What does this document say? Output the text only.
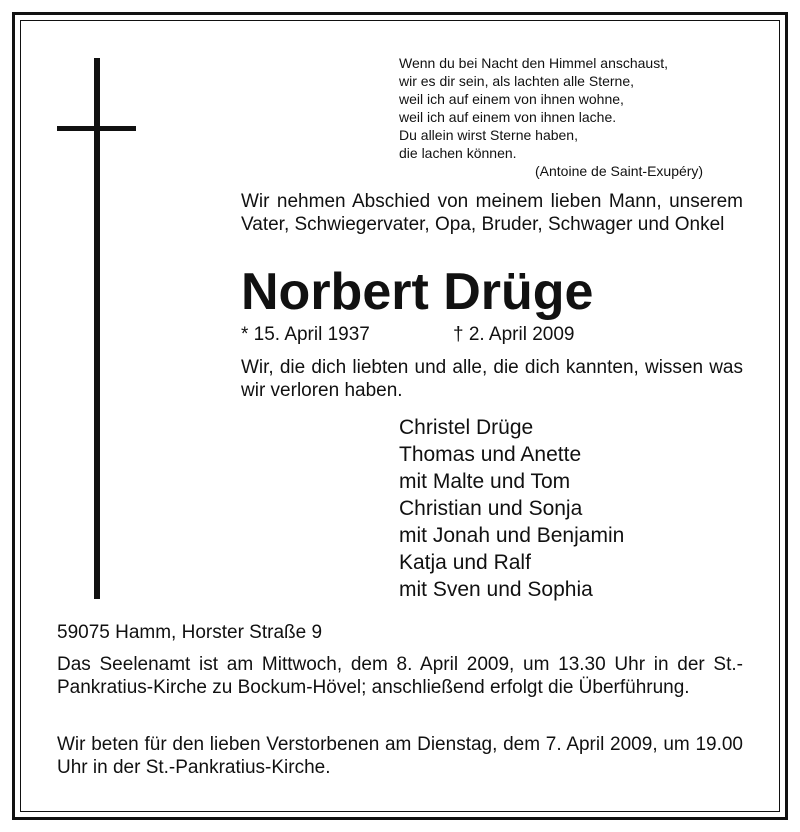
Wenn du bei Nacht den Himmel anschaust,
wir es dir sein, als lachten alle Sterne,
weil ich auf einem von ihnen wohne,
weil ich auf einem von ihnen lache.
Du allein wirst Sterne haben,
die lachen können.
(Antoine de Saint-Exupéry)
Wir nehmen Abschied von meinem lieben Mann, unserem Vater, Schwiegervater, Opa, Bruder, Schwager und Onkel
Norbert Drüge
* 15. April 1937	† 2. April 2009
Wir, die dich liebten und alle, die dich kannten, wissen was wir verloren haben.
Christel Drüge
Thomas und Anette
mit Malte und Tom
Christian und Sonja
mit Jonah und Benjamin
Katja und Ralf
mit Sven und Sophia
59075 Hamm, Horster Straße 9
Das Seelenamt ist am Mittwoch, dem 8. April 2009, um 13.30 Uhr in der St.-Pankratius-Kirche zu Bockum-Hövel; anschließend erfolgt die Überführung.
Wir beten für den lieben Verstorbenen am Dienstag, dem 7. April 2009, um 19.00 Uhr in der St.-Pankratius-Kirche.
